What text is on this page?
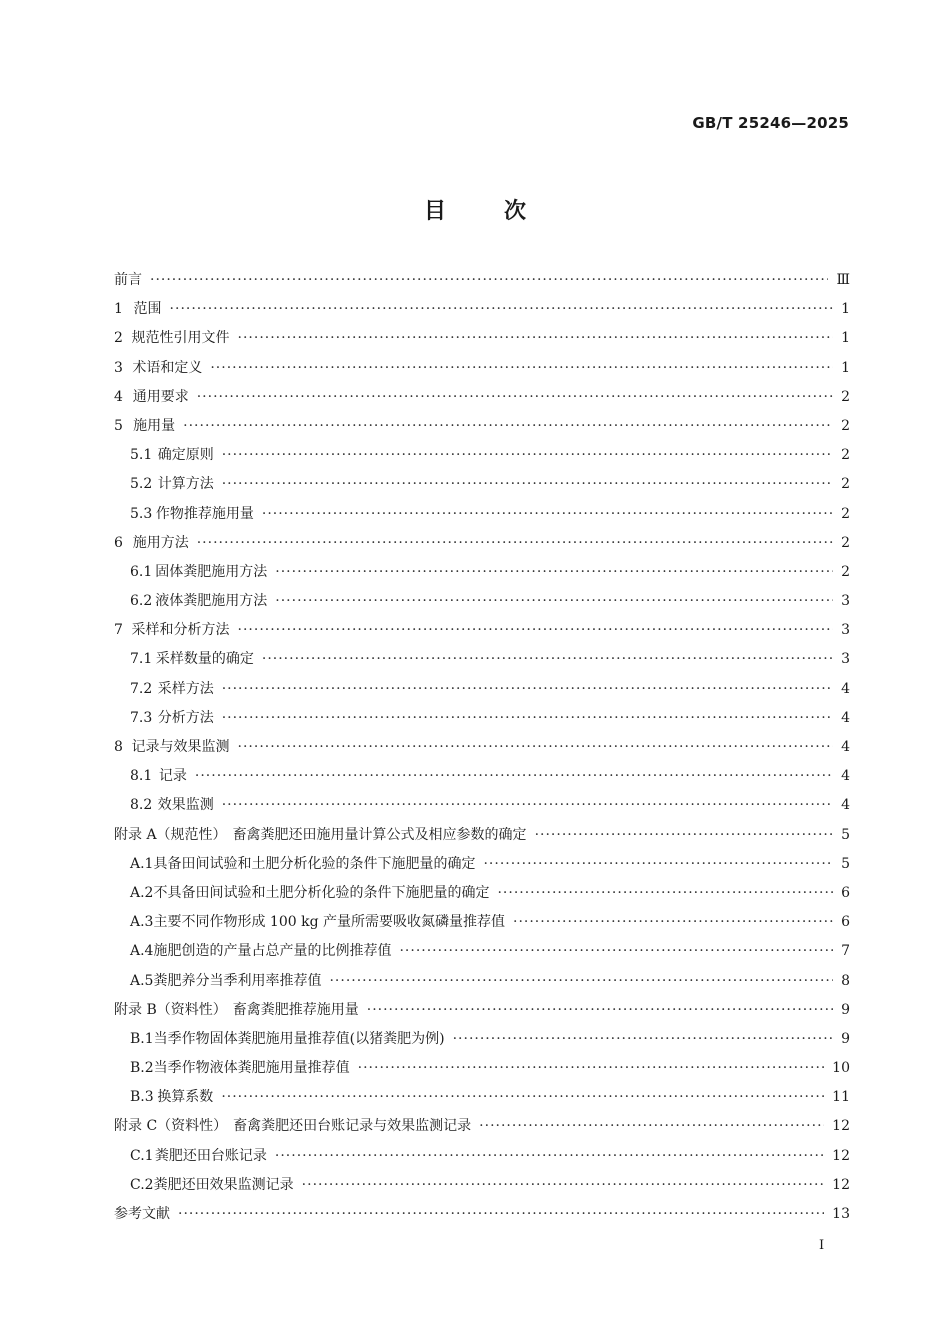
GB/T 25246—2025
目	次
前言 ·····	Ⅲ
1 范围 ·····	1
2 规范性引用文件 ·····	1
3 术语和定义 ·····	1
4 通用要求 ·····	2
5 施用量 ·····	2
5.1 确定原则 ·····	2
5.2 计算方法 ·····	2
5.3 作物推荐施用量 ·····	2
6 施用方法 ·····	2
6.1 固体粪肥施用方法 ·····	2
6.2 液体粪肥施用方法 ·····	3
7 采样和分析方法 ·····	3
7.1 采样数量的确定 ·····	3
7.2 采样方法 ·····	4
7.3 分析方法 ·····	4
8 记录与效果监测 ·····	4
8.1 记录 ·····	4
8.2 效果监测 ·····	4
附录 A（规范性） 畜禽粪肥还田施用量计算公式及相应参数的确定 ·····	5
A.1 具备田间试验和土肥分析化验的条件下施肥量的确定 ·····	5
A.2 不具备田间试验和土肥分析化验的条件下施肥量的确定 ·····	6
A.3 主要不同作物形成 100 kg 产量所需要吸收氮磷量推荐值 ·····	6
A.4 施肥创造的产量占总产量的比例推荐值 ·····	7
A.5 粪肥养分当季利用率推荐值 ·····	8
附录 B（资料性） 畜禽粪肥推荐施用量 ·····	9
B.1 当季作物固体粪肥施用量推荐值(以猪粪肥为例) ·····	9
B.2 当季作物液体粪肥施用量推荐值 ·····	10
B.3 换算系数 ·····	11
附录 C（资料性） 畜禽粪肥还田台账记录与效果监测记录 ·····	12
C.1 粪肥还田台账记录 ·····	12
C.2 粪肥还田效果监测记录 ·····	12
参考文献 ·····	13
I
